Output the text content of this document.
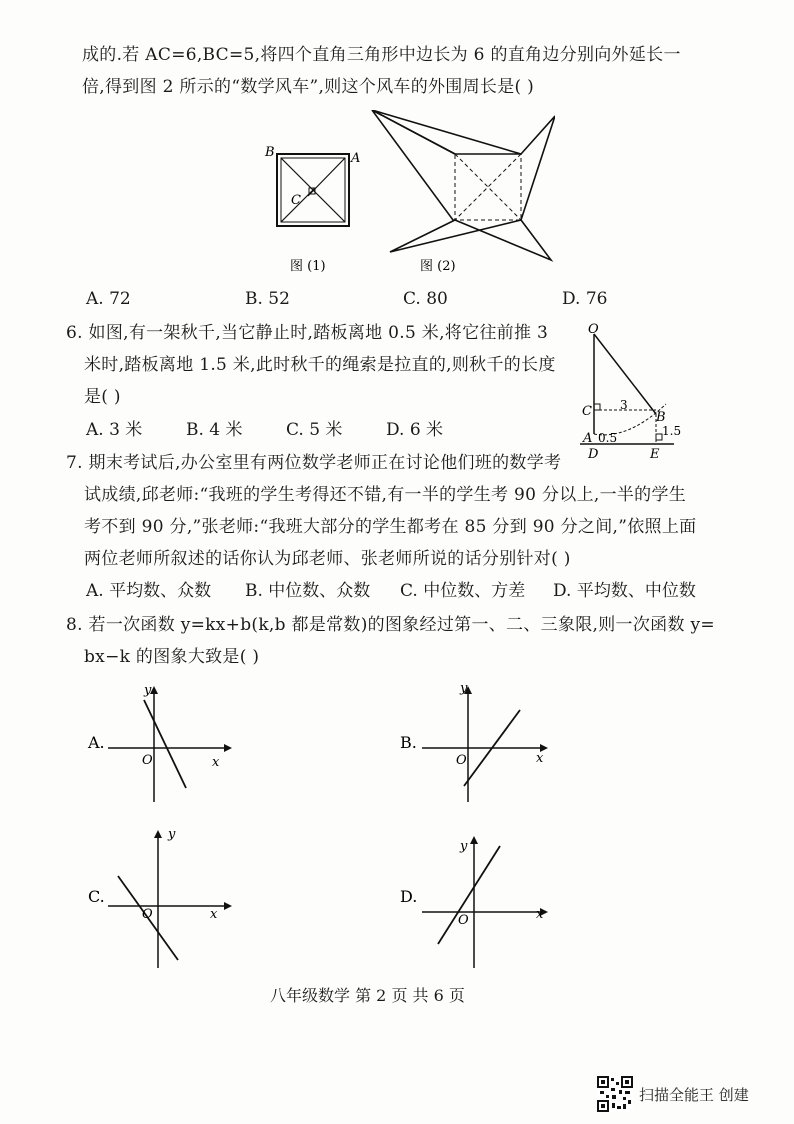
成的.若 AC=6,BC=5,将四个直角三角形中边长为 6 的直角边分别向外延长一
倍,得到图 2 所示的“数学风车”,则这个风车的外围周长是( )
B	A
C
图 (1)	图 (2)
A. 72	B. 52	C. 80	D. 76
6. 如图,有一架秋千,当它静止时,踏板离地 0.5 米,将它往前推 3
米时,踏板离地 1.5 米,此时秋千的绳索是拉直的,则秋千的长度
是( )
A. 3 米	B. 4 米	C. 5 米	D. 6 米
O
C	B
A
D	E
3
0.5	1.5
7. 期末考试后,办公室里有两位数学老师正在讨论他们班的数学考
试成绩,邱老师:“我班的学生考得还不错,有一半的学生考 90 分以上,一半的学生
考不到 90 分,”张老师:“我班大部分的学生都考在 85 分到 90 分之间,”依照上面
两位老师所叙述的话你认为邱老师、张老师所说的话分别针对( )
A. 平均数、众数 B. 中位数、众数 C. 中位数、方差 D. 平均数、中位数
8. 若一次函数 y=kx+b(k,b 都是常数)的图象经过第一、二、三象限,则一次函数 y=
bx−k 的图象大致是( )
A.
y
x
O
B.
y
x
O
C.
y
x
O
D.
y
x
O
八年级数学 第 2 页 共 6 页
扫描全能王 创建
